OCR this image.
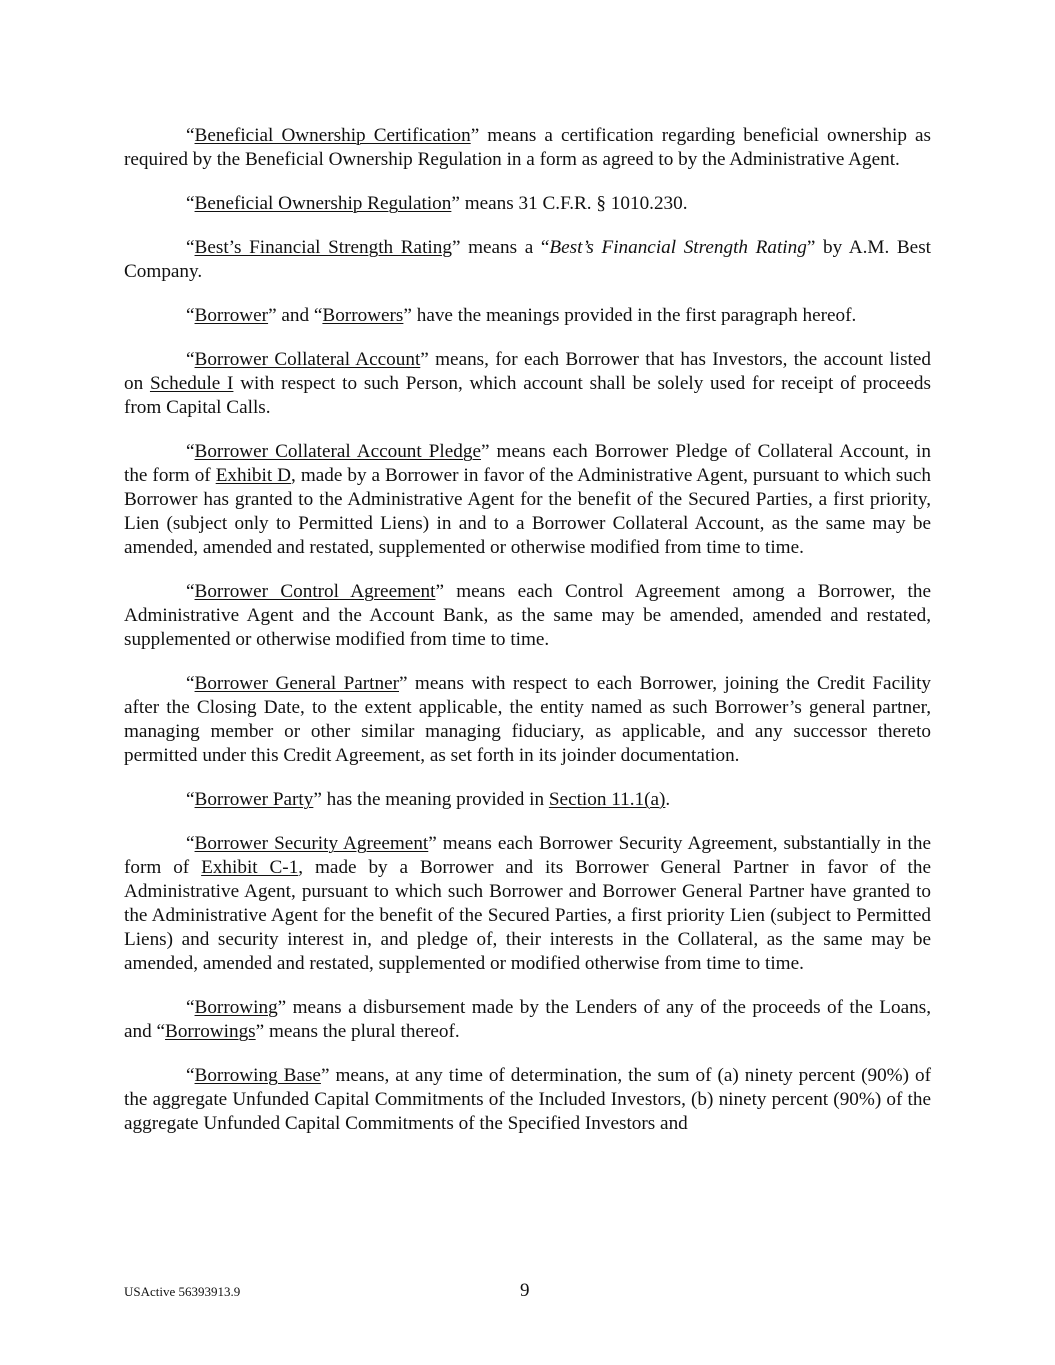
“Beneficial Ownership Certification” means a certification regarding beneficial ownership as required by the Beneficial Ownership Regulation in a form as agreed to by the Administrative Agent.

“Beneficial Ownership Regulation” means 31 C.F.R. § 1010.230.

“Best’s Financial Strength Rating” means a “Best’s Financial Strength Rating” by A.M. Best Company.

“Borrower” and “Borrowers” have the meanings provided in the first paragraph hereof.

“Borrower Collateral Account” means, for each Borrower that has Investors, the account listed on Schedule I with respect to such Person, which account shall be solely used for receipt of proceeds from Capital Calls.

“Borrower Collateral Account Pledge” means each Borrower Pledge of Collateral Account, in the form of Exhibit D, made by a Borrower in favor of the Administrative Agent, pursuant to which such Borrower has granted to the Administrative Agent for the benefit of the Secured Parties, a first priority, Lien (subject only to Permitted Liens) in and to a Borrower Collateral Account, as the same may be amended, amended and restated, supplemented or otherwise modified from time to time.

“Borrower Control Agreement” means each Control Agreement among a Borrower, the Administrative Agent and the Account Bank, as the same may be amended, amended and restated, supplemented or otherwise modified from time to time.

“Borrower General Partner” means with respect to each Borrower, joining the Credit Facility after the Closing Date, to the extent applicable, the entity named as such Borrower’s general partner, managing member or other similar managing fiduciary, as applicable, and any successor thereto permitted under this Credit Agreement, as set forth in its joinder documentation.

“Borrower Party” has the meaning provided in Section 11.1(a).

“Borrower Security Agreement” means each Borrower Security Agreement, substantially in the form of Exhibit C-1, made by a Borrower and its Borrower General Partner in favor of the Administrative Agent, pursuant to which such Borrower and Borrower General Partner have granted to the Administrative Agent for the benefit of the Secured Parties, a first priority Lien (subject to Permitted Liens) and security interest in, and pledge of, their interests in the Collateral, as the same may be amended, amended and restated, supplemented or modified otherwise from time to time.

“Borrowing” means a disbursement made by the Lenders of any of the proceeds of the Loans, and “Borrowings” means the plural thereof.

“Borrowing Base” means, at any time of determination, the sum of (a) ninety percent (90%) of the aggregate Unfunded Capital Commitments of the Included Investors, (b) ninety percent (90%) of the aggregate Unfunded Capital Commitments of the Specified Investors and

USActive 56393913.9	9
